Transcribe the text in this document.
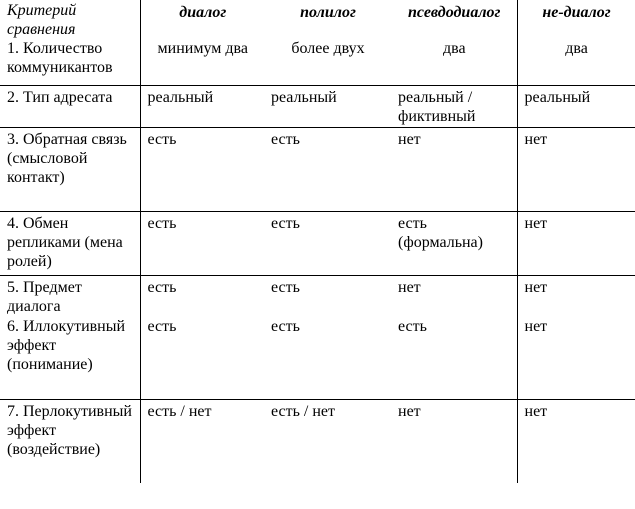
Критерий сравнения	диалог	полилог	псевдодиалог	не-диалог
1. Количество коммуникантов	минимум два	более двух	два	два
2. Тип адресата	реальный	реальный	реальный / фиктивный	реальный
3. Обратная связь (смысловой контакт)	есть	есть	нет	нет
4. Обмен репликами (мена ролей)	есть	есть	есть (формальна)	нет
5. Предмет диалога	есть	есть	нет	нет
6. Иллокутивный эффект (понимание)	есть	есть	есть	нет
7. Перлокутивный эффект (воздействие)	есть / нет	есть / нет	нет	нет
